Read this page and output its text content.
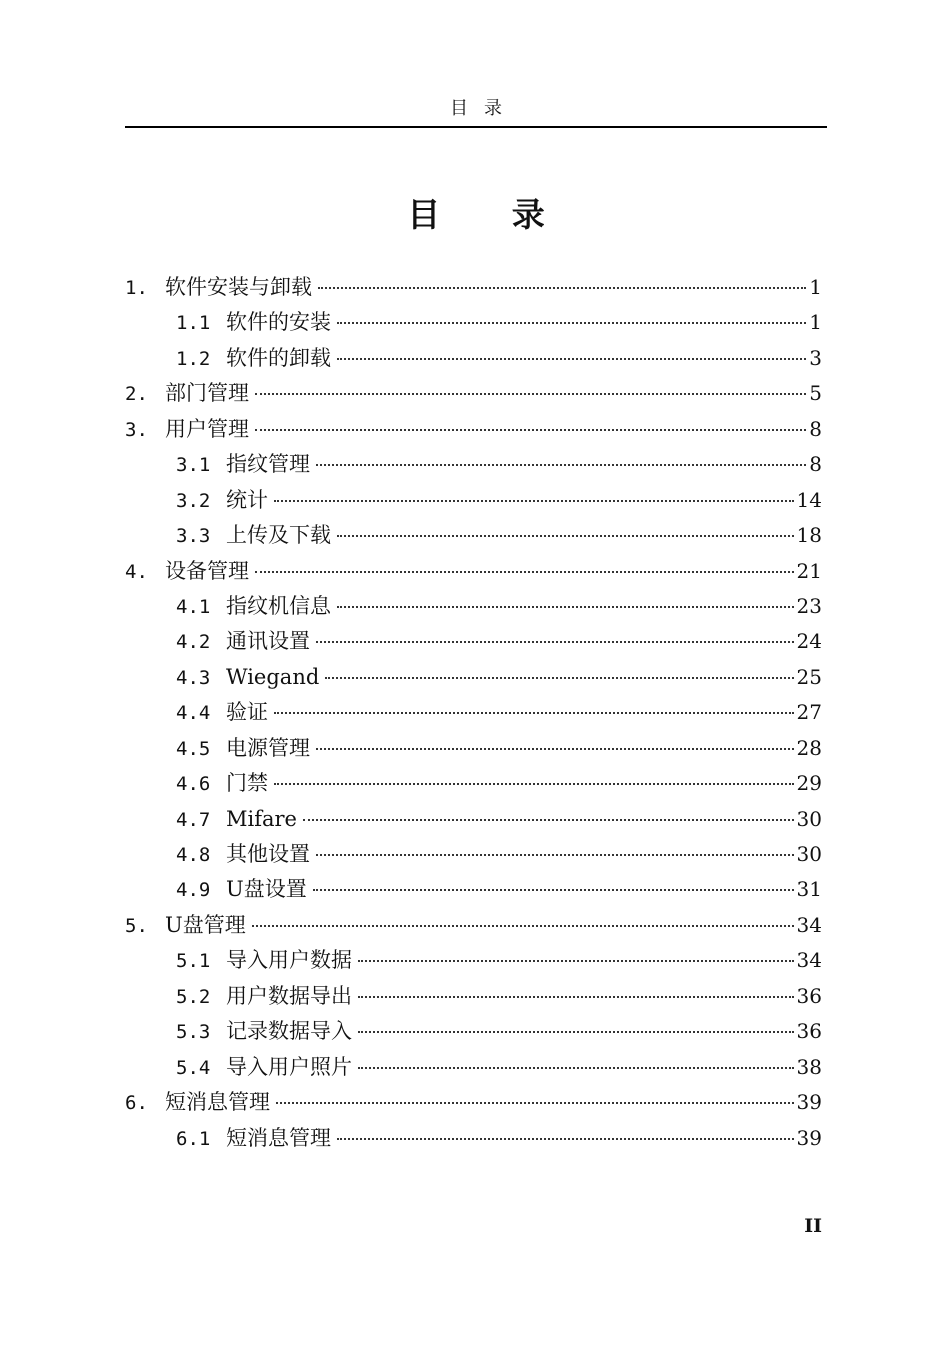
目录
目 录
1. 软件安装与卸载	1
1.1 软件的安装	1
1.2 软件的卸载	3
2. 部门管理	5
3. 用户管理	8
3.1 指纹管理	8
3.2 统计	14
3.3 上传及下载	18
4. 设备管理	21
4.1 指纹机信息	23
4.2 通讯设置	24
4.3 Wiegand	25
4.4 验证	27
4.5 电源管理	28
4.6 门禁	29
4.7 Mifare	30
4.8 其他设置	30
4.9 U盘设置	31
5. U盘管理	34
5.1 导入用户数据	34
5.2 用户数据导出	36
5.3 记录数据导入	36
5.4 导入用户照片	38
6. 短消息管理	39
6.1 短消息管理	39
II
